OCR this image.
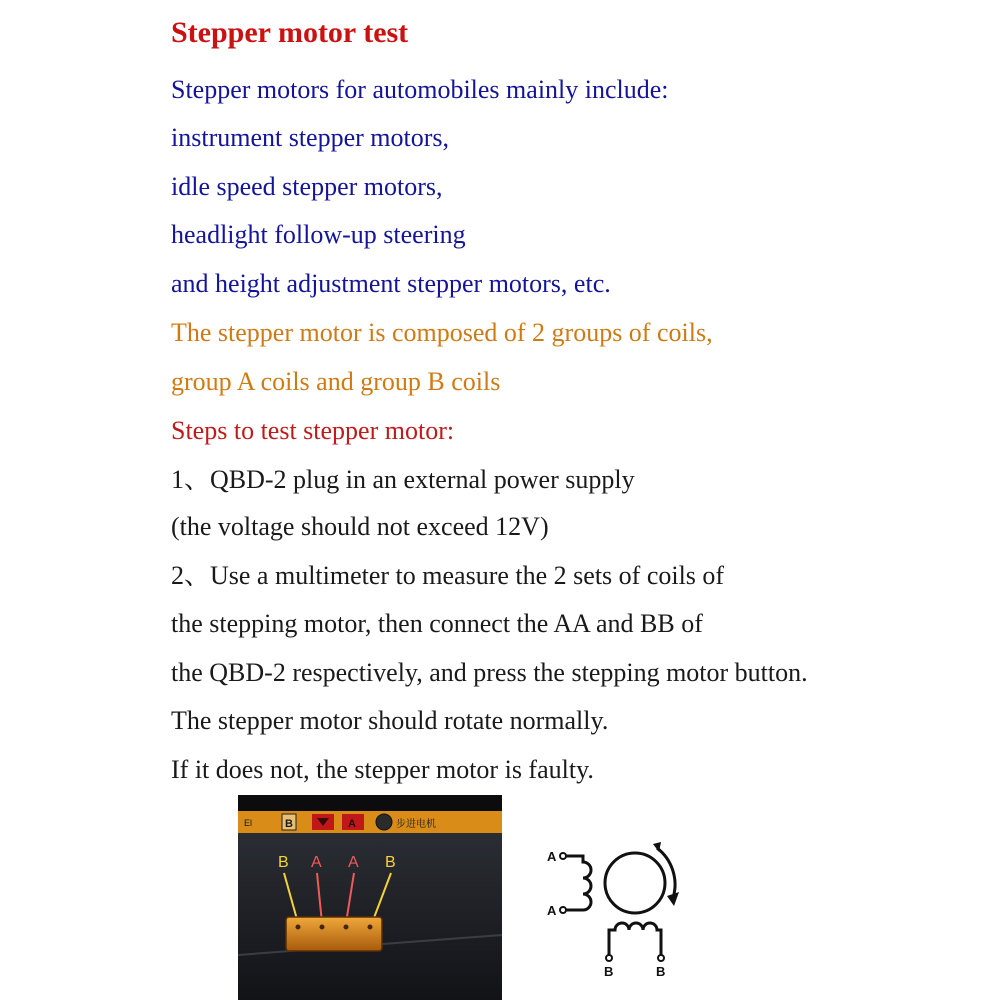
Stepper motor test
Stepper motors for automobiles mainly include:
instrument stepper motors,
idle speed stepper motors,
headlight follow-up steering
and height adjustment stepper motors, etc.
The stepper motor is composed of 2 groups of coils,
group A coils and group B coils
Steps to test stepper motor:
1、QBD-2 plug in an external power supply
(the voltage should not exceed 12V)
2、Use a multimeter to measure the 2 sets of coils of
the stepping motor, then connect the AA and BB of
the QBD-2 respectively, and press the stepping motor button.
The stepper motor should rotate normally.
If it does not, the stepper motor is faulty.
El	B	A	步进电机
B A A B	A
A
B	B
